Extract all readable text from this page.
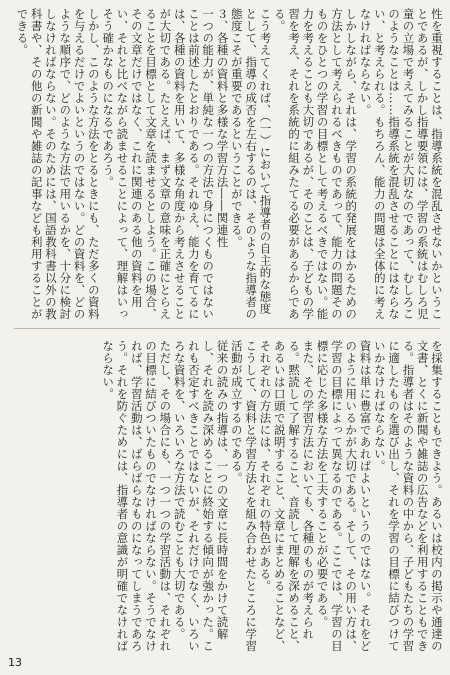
性を重視することは、指導系統を混乱させないかということであるが、しかし指導要領には、学習の系統はむしろ児童の立場で考えてみることが大切なのであって、むしろこのようなことは……指導系統を混乱させることにはならない、と考えられる。もちろん、能力の問題は全体的に考えなければならない。

しかしながら、それは、学習の系統的発展をはかるための方法として考えられるべきものであって、能力の問題そのものをひとつの学習の目標として考えるべきではない。能力を考えることも大切であるが、そのことは、子どもの学習を考え、それを系統的に組みたてる必要があるからである。

こう考えてくれば、（一）において指導者の自主的な態度として、指導の成否を左右するのは、そのような指導者の態度こそが重要であるということができる。

３、各種の資料と多様な学習方法――関連性

一つの能力が、単純な一つの方法で身につくものではないことは前述したとおりである。それゆえ、能力を育てるには、各種の資料を用いて、多様な角度から考えさせることが大切である。たとえば、まず文章の意味を正確にとらえることを目標として文章を読ませるとしよう。この場合、その文章だけではなく、これに関連のある他の資料を用い、それと比べながら読ませることによって、理解はいっそう確かなものになるであろう。

しかし、このような方法をとるときにも、ただ多くの資料を与えるだけでよいというのではない。どの資料を、どのような順序で、どのような方法で用いるかを、十分に検討しなければならない。そのためには、国語教科書以外の教科書や、その他の新聞や雑誌の記事なども利用することができる。

を採集することもできよう。あるいは校内の掲示や通達の文書、とくに新聞や雑誌の広告などを利用することもできる。指導者はそのような資料の中から、子どもたちの学習に適したものを選び出し、それを学習の目標に結びつけていかなければならない。

資料は単に豊富であればよいというのではない。それをどのように用いるかが大切である。そして、その用い方は、学習の目標によって異なるのである。ここでは、学習の目標に応じた多様な方法を工夫することが必要である。

また、その学習方法においても、各種のものが考えられる。黙読して了解すること、音読して理解を深めること、あるいは口頭で説明すること、文章にまとめることなど、それぞれの方法には、それぞれの特色がある。

こうして、資料と学習方法とを組み合わせたところに学習活動が成立するのである。

従来の読みの指導は、一つの文章に長時間をかけて読解し、それを読み深めることに終始する傾向が強かった。これも否定すべきことではないが、それだけでなく、いろいろな資料を、いろいろな方法で読むことも大切である。

ただし、その場合にも、一つ一つの学習活動は、それぞれの目標に結びついたものでなければならない。そうでなければ、学習活動は、ばらばらなものになってしまうであろう。それを防ぐためには、指導者の意識が明確でなければならない。

13
